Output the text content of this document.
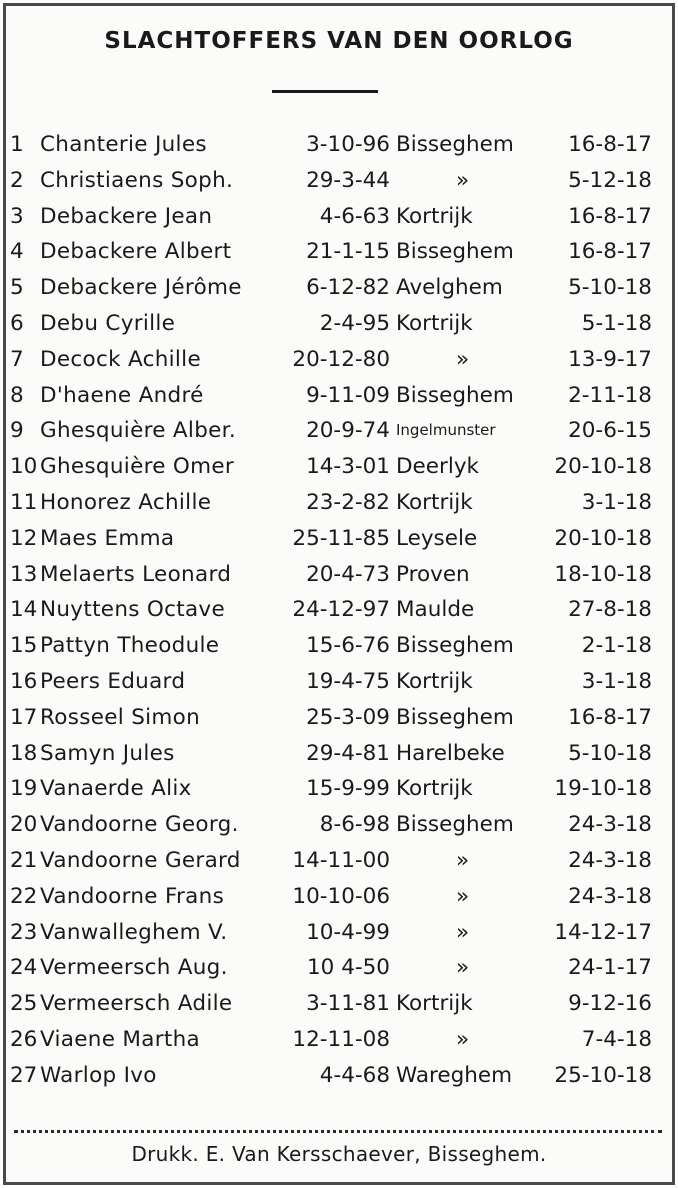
SLACHTOFFERS VAN DEN OORLOG
1 Chanterie Jules	3-10-96 Bisseghem	16-8-17
2 Christiaens Soph.	29-3-44	»	5-12-18
3 Debackere Jean	4-6-63 Kortrijk	16-8-17
4 Debackere Albert	21-1-15 Bisseghem	16-8-17
5 Debackere Jérôme	6-12-82 Avelghem	5-10-18
6 Debu Cyrille	2-4-95 Kortrijk	5-1-18
7 Decock Achille	20-12-80	»	13-9-17
8 D'haene André	9-11-09 Bisseghem	2-11-18
9 Ghesquière Alber.	20-9-74 Ingelmunster	20-6-15
10 Ghesquière Omer	14-3-01 Deerlyk	20-10-18
11 Honorez Achille	23-2-82 Kortrijk	3-1-18
12 Maes Emma	25-11-85 Leysele	20-10-18
13 Melaerts Leonard	20-4-73 Proven	18-10-18
14 Nuyttens Octave	24-12-97 Maulde	27-8-18
15 Pattyn Theodule	15-6-76 Bisseghem	2-1-18
16 Peers Eduard	19-4-75 Kortrijk	3-1-18
17 Rosseel Simon	25-3-09 Bisseghem	16-8-17
18 Samyn Jules	29-4-81 Harelbeke	5-10-18
19 Vanaerde Alix	15-9-99 Kortrijk	19-10-18
20 Vandoorne Georg.	8-6-98 Bisseghem	24-3-18
21 Vandoorne Gerard	14-11-00	»	24-3-18
22 Vandoorne Frans	10-10-06	»	24-3-18
23 Vanwalleghem V.	10-4-99	»	14-12-17
24 Vermeersch Aug.	10 4-50	»	24-1-17
25 Vermeersch Adile	3-11-81 Kortrijk	9-12-16
26 Viaene Martha	12-11-08	»	7-4-18
27 Warlop Ivo	4-4-68 Wareghem	25-10-18
Drukk. E. Van Kersschaever, Bisseghem.
